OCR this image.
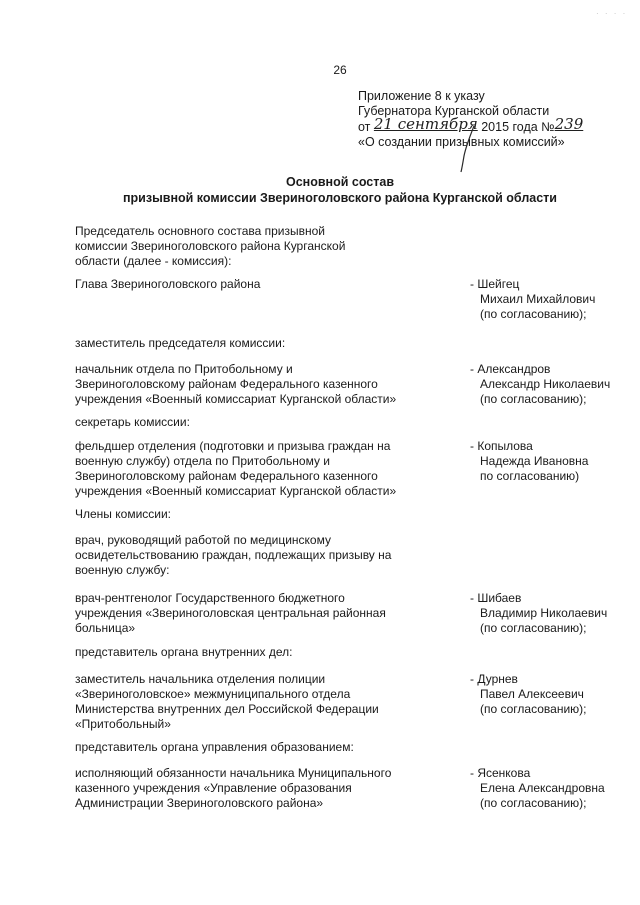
· · · ·
26
Приложение 8 к указу
Губернатора Курганской области
от 21 сентября 2015 года №239
«О создании призывных комиссий»
Основной состав
призывной комиссии Звериноголовского района Курганской области
Председатель основного состава призывной комиссии Звериноголовского района Курганской области (далее - комиссия):
Глава Звериноголовского района	- Шейгец
Михаил Михайлович
(по согласованию);
заместитель председателя комиссии:
начальник отдела по Притобольному и Звериноголовскому районам Федерального казенного учреждения «Военный комиссариат Курганской области»
- Александров
Александр Николаевич
(по согласованию);
секретарь комиссии:
фельдшер отделения (подготовки и призыва граждан на военную службу) отдела по Притобольному и Звериноголовскому районам Федерального казенного учреждения «Военный комиссариат Курганской области»
- Копылова
Надежда Ивановна
по согласованию)
Члены комиссии:
врач, руководящий работой по медицинскому освидетельствованию граждан, подлежащих призыву на военную службу:
врач-рентгенолог Государственного бюджетного учреждения «Звериноголовская центральная районная больница»
- Шибаев
Владимир Николаевич
(по согласованию);
представитель органа внутренних дел:
заместитель начальника отделения полиции «Звериноголовское» межмуниципального отдела Министерства внутренних дел Российской Федерации «Притобольный»
- Дурнев
Павел Алексеевич
(по согласованию);
представитель органа управления образованием:
исполняющий обязанности начальника Муниципального казенного учреждения «Управление образования Администрации Звериноголовского района»
- Ясенкова
Елена Александровна
(по согласованию);
